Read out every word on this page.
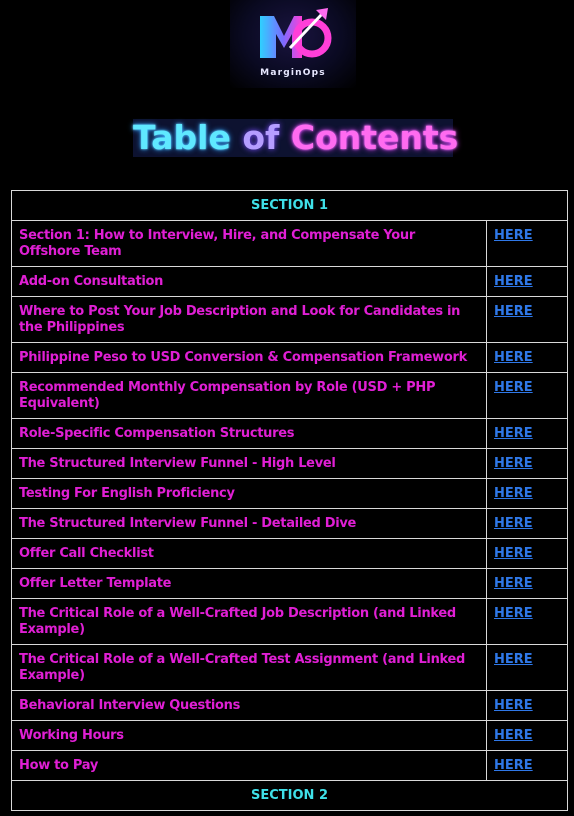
MarginOps
Table of Contents
SECTION 1	
Section 1: How to Interview, Hire, and Compensate Your Offshore Team	HERE
Add-on Consultation	HERE
Where to Post Your Job Description and Look for Candidates in the Philippines	HERE
Philippine Peso to USD Conversion & Compensation Framework	HERE
Recommended Monthly Compensation by Role (USD + PHP Equivalent)	HERE
Role-Specific Compensation Structures	HERE
The Structured Interview Funnel - High Level	HERE
Testing For English Proficiency	HERE
The Structured Interview Funnel - Detailed Dive	HERE
Offer Call Checklist	HERE
Offer Letter Template	HERE
The Critical Role of a Well-Crafted Job Description (and Linked Example)	HERE
The Critical Role of a Well-Crafted Test Assignment (and Linked Example)	HERE
Behavioral Interview Questions	HERE
Working Hours	HERE
How to Pay	HERE
SECTION 2	
